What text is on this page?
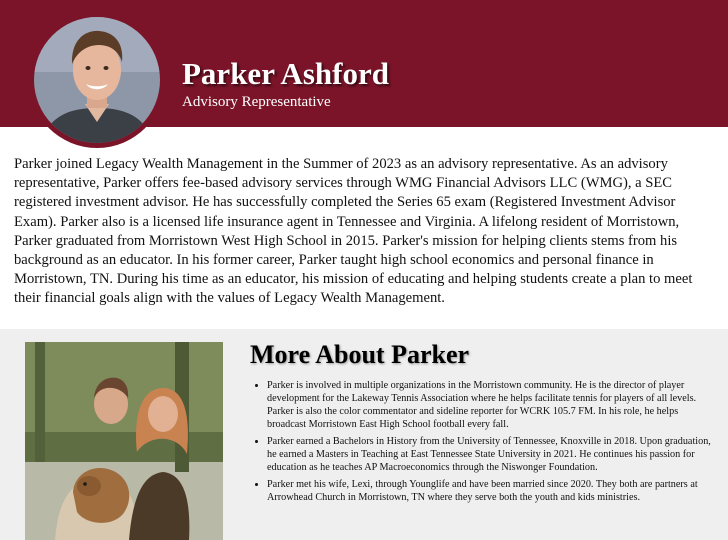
Parker Ashford
Advisory Representative

Parker joined Legacy Wealth Management in the Summer of 2023 as an advisory representative. As an advisory representative, Parker offers fee-based advisory services through WMG Financial Advisors LLC (WMG), a SEC registered investment advisor. He has successfully completed the Series 65 exam (Registered Investment Advisor Exam). Parker also is a licensed life insurance agent in Tennessee and Virginia. A lifelong resident of Morristown, Parker graduated from Morristown West High School in 2015. Parker's mission for helping clients stems from his background as an educator. In his former career, Parker taught high school economics and personal finance in Morristown, TN. During his time as an educator, his mission of educating and helping students create a plan to meet their financial goals align with the values of Legacy Wealth Management.

More About Parker
• Parker is involved in multiple organizations in the Morristown community. He is the director of player development for the Lakeway Tennis Association where he helps facilitate tennis for players of all levels. Parker is also the color commentator and sideline reporter for WCRK 105.7 FM. In his role, he helps broadcast Morristown East High School football every fall.
• Parker earned a Bachelors in History from the University of Tennessee, Knoxville in 2018. Upon graduation, he earned a Masters in Teaching at East Tennessee State University in 2021. He continues his passion for education as he teaches AP Macroeconomics through the Niswonger Foundation.
• Parker met his wife, Lexi, through Younglife and have been married since 2020. They both are partners at Arrowhead Church in Morristown, TN where they serve both the youth and kids ministries.
